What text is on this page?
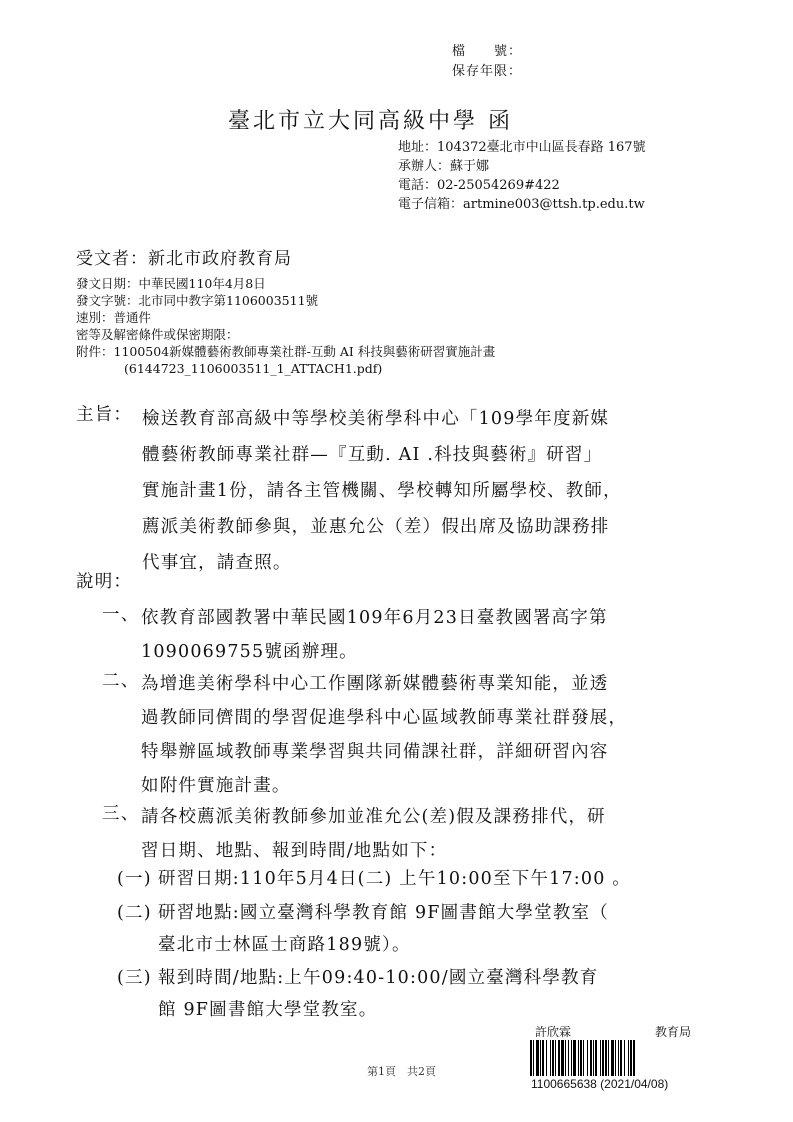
檔　　號：
保存年限：
臺北市立大同高級中學 函
地址：104372臺北市中山區長春路 167號
承辦人：蘇于娜
電話：02-25054269#422
電子信箱：artmine003@ttsh.tp.edu.tw
受文者：新北市政府教育局
發文日期：中華民國110年4月8日
發文字號：北市同中教字第1106003511號
速別：普通件
密等及解密條件或保密期限：
附件：1100504新媒體藝術教師專業社群-互動 AI 科技與藝術研習實施計畫
(6144723_1106003511_1_ATTACH1.pdf)
主旨： 檢送教育部高級中等學校美術學科中心「109學年度新媒
體藝術教師專業社群—『互動. AI .科技與藝術』研習」
實施計畫1份，請各主管機關、學校轉知所屬學校、教師，
薦派美術教師參與，並惠允公（差）假出席及協助課務排
代事宜，請查照。
說明：
一、 依教育部國教署中華民國109年6月23日臺教國署高字第
1090069755號函辦理。
二、 為增進美術學科中心工作團隊新媒體藝術專業知能，並透
過教師同儕間的學習促進學科中心區域教師專業社群發展，
特舉辦區域教師專業學習與共同備課社群，詳細研習內容
如附件實施計畫。
三、 請各校薦派美術教師參加並准允公(差)假及課務排代，研
習日期、地點、報到時間/地點如下：
(一) 研習日期:110年5月4日(二) 上午10:00至下午17:00 。
(二) 研習地點:國立臺灣科學教育館 9F圖書館大學堂教室（
臺北市士林區士商路189號）。
(三) 報到時間/地點:上午09:40-10:00/國立臺灣科學教育
館 9F圖書館大學堂教室。
第1頁　共2頁
許欣霖	教育局
1100665638 (2021/04/08)
